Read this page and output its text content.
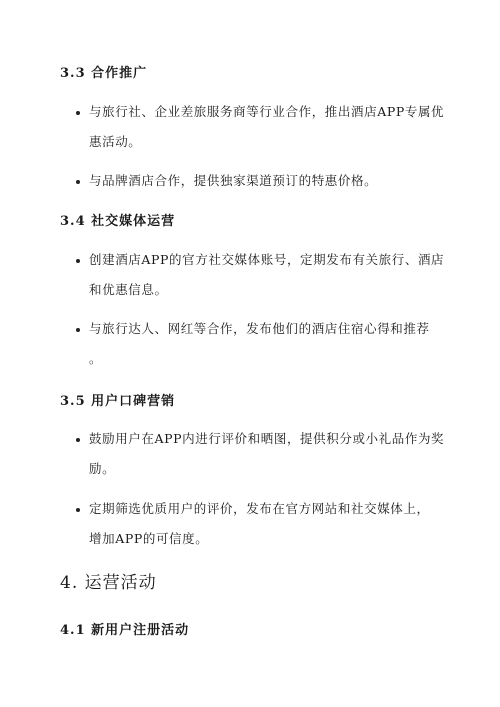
3.3 合作推广
与旅行社、企业差旅服务商等行业合作，推出酒店APP专属优
惠活动。
与品牌酒店合作，提供独家渠道预订的特惠价格。
3.4 社交媒体运营
创建酒店APP的官方社交媒体账号，定期发布有关旅行、酒店
和优惠信息。
与旅行达人、网红等合作，发布他们的酒店住宿心得和推荐
。
3.5 用户口碑营销
鼓励用户在APP内进行评价和晒图，提供积分或小礼品作为奖
励。
定期筛选优质用户的评价，发布在官方网站和社交媒体上，
增加APP的可信度。
4. 运营活动
4.1 新用户注册活动
